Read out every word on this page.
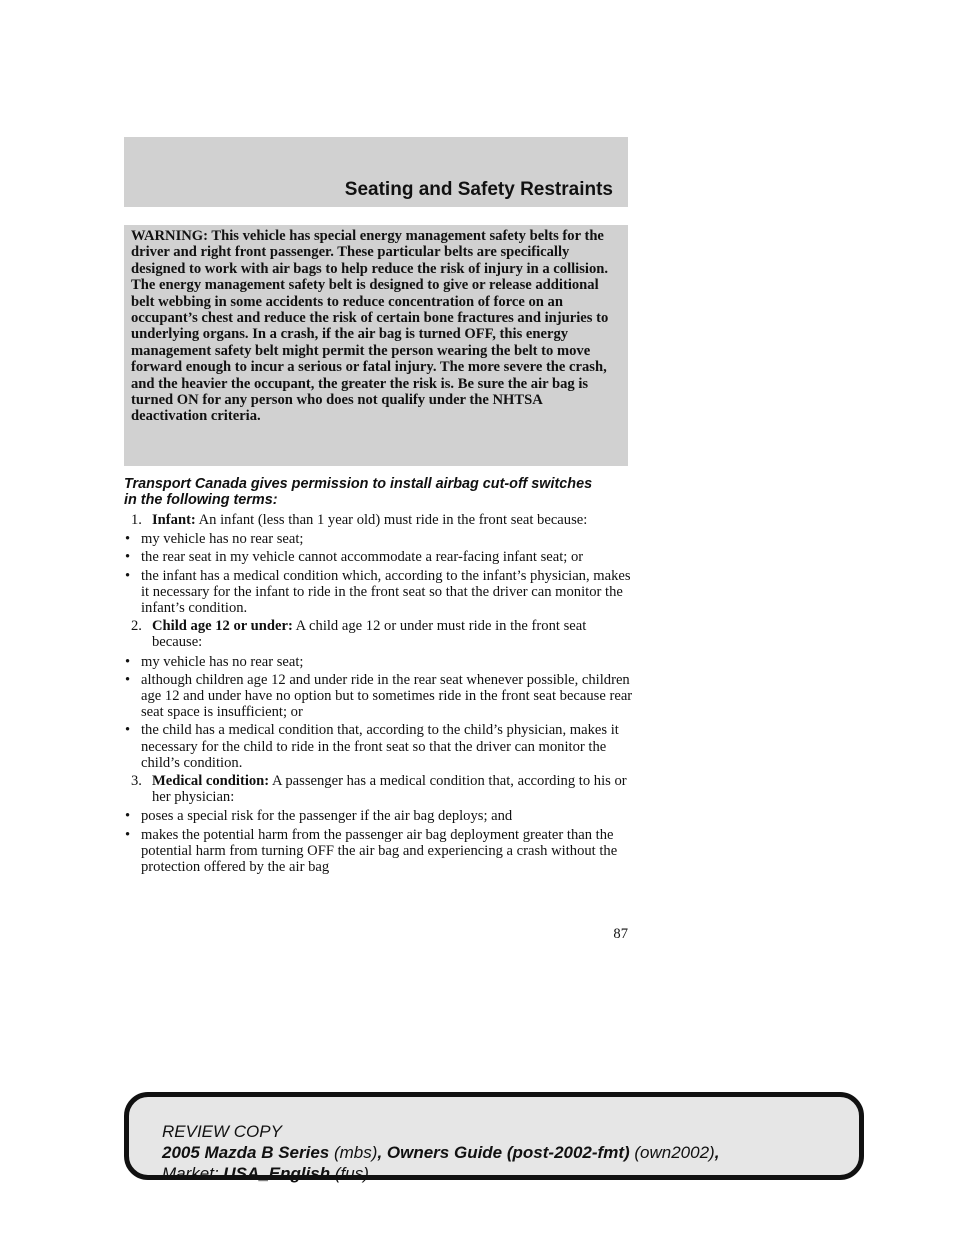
Seating and Safety Restraints

WARNING: This vehicle has special energy management safety belts for the driver and right front passenger. These particular belts are specifically designed to work with air bags to help reduce the risk of injury in a collision. The energy management safety belt is designed to give or release additional belt webbing in some accidents to reduce concentration of force on an occupant’s chest and reduce the risk of certain bone fractures and injuries to underlying organs. In a crash, if the air bag is turned OFF, this energy management safety belt might permit the person wearing the belt to move forward enough to incur a serious or fatal injury. The more severe the crash, and the heavier the occupant, the greater the risk is. Be sure the air bag is turned ON for any person who does not qualify under the NHTSA deactivation criteria.

Transport Canada gives permission to install airbag cut-off switches in the following terms:

1. Infant: An infant (less than 1 year old) must ride in the front seat because:
• my vehicle has no rear seat;
• the rear seat in my vehicle cannot accommodate a rear-facing infant seat; or
• the infant has a medical condition which, according to the infant’s physician, makes it necessary for the infant to ride in the front seat so that the driver can monitor the infant’s condition.
2. Child age 12 or under: A child age 12 or under must ride in the front seat because:
• my vehicle has no rear seat;
• although children age 12 and under ride in the rear seat whenever possible, children age 12 and under have no option but to sometimes ride in the front seat because rear seat space is insufficient; or
• the child has a medical condition that, according to the child’s physician, makes it necessary for the child to ride in the front seat so that the driver can monitor the child’s condition.
3. Medical condition: A passenger has a medical condition that, according to his or her physician:
• poses a special risk for the passenger if the air bag deploys; and
• makes the potential harm from the passenger air bag deployment greater than the potential harm from turning OFF the air bag and experiencing a crash without the protection offered by the air bag
87

REVIEW COPY

2005 Mazda B Series (mbs), Owners Guide (post-2002-fmt) (own2002),

Market: USA_English (fus)
